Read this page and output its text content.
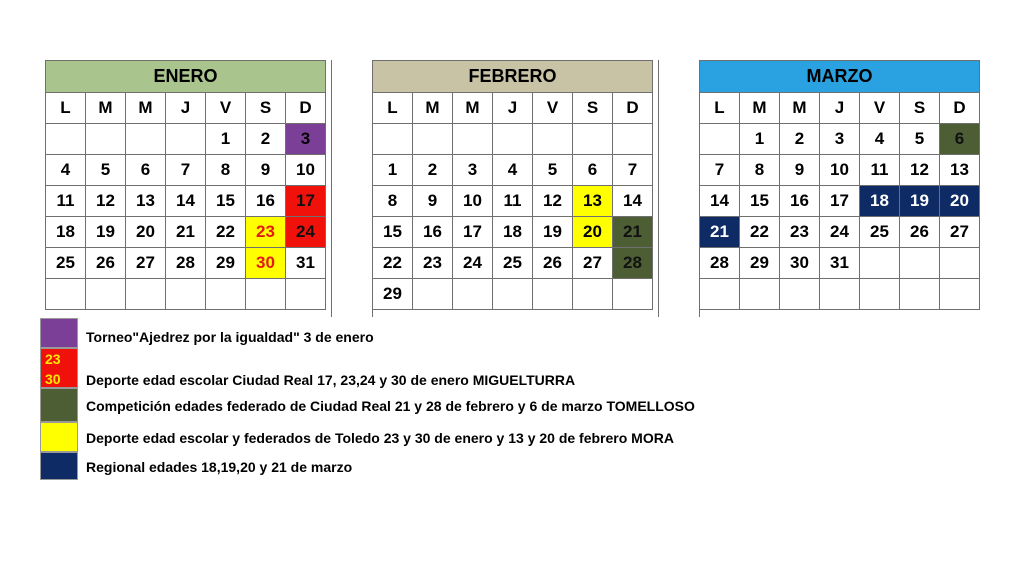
ENERO						
L	M	M	J	V	S	D
				1	2	3
4	5	6	7	8	9	10
11	12	13	14	15	16	17
18	19	20	21	22	23	24
25	26	27	28	29	30	31

FEBRERO						
L	M	M	J	V	S	D

1	2	3	4	5	6	7
8	9	10	11	12	13	14
15	16	17	18	19	20	21
22	23	24	25	26	27	28
29						
MARZO						
L	M	M	J	V	S	D
	1	2	3	4	5	6
7	8	9	10	11	12	13
14	15	16	17	18	19	20
21	22	23	24	25	26	27
28	29	30	31			

Torneo"Ajedrez por la igualdad" 3 de enero
23
30	Deporte edad escolar Ciudad Real 17, 23,24 y 30 de enero MIGUELTURRA
Competición edades federado de Ciudad Real 21 y 28 de febrero y 6 de marzo TOMELLOSO
Deporte edad escolar y federados de Toledo 23 y 30 de enero y 13 y 20 de febrero MORA
Regional edades 18,19,20 y 21 de marzo
